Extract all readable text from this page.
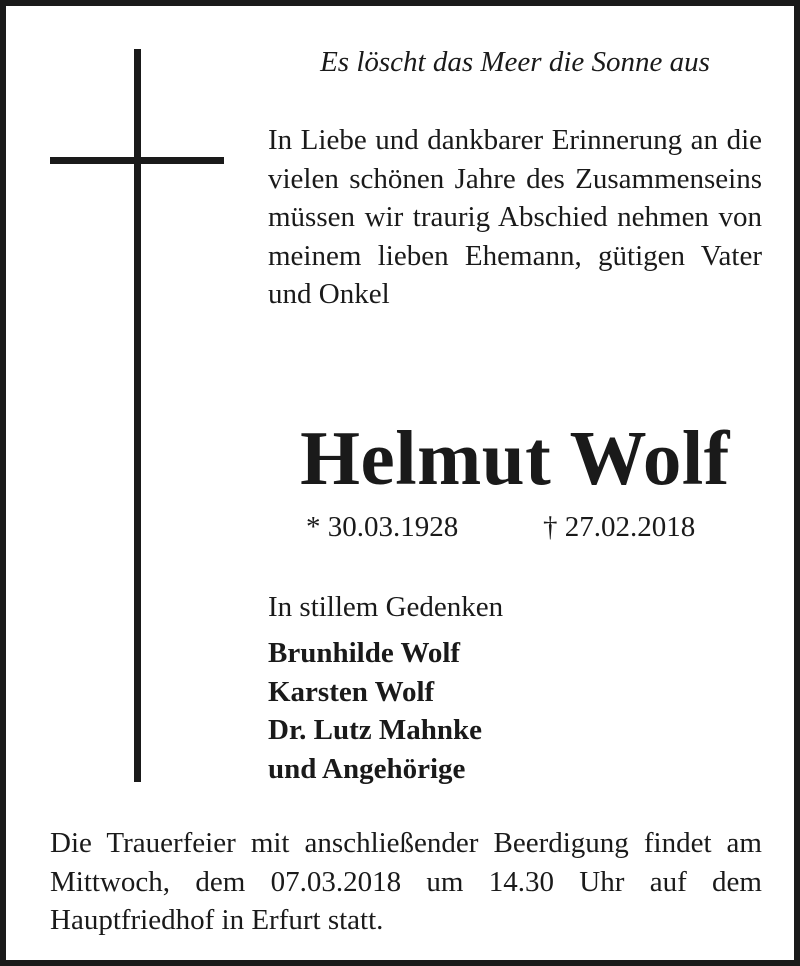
Es löscht das Meer die Sonne aus
In Liebe und dankbarer Erinnerung an die vielen schönen Jahre des Zusammenseins müssen wir traurig Abschied nehmen von meinem lieben Ehemann, gütigen Vater und Onkel
Helmut Wolf
* 30.03.1928	† 27.02.2018
In stillem Gedenken
Brunhilde Wolf
Karsten Wolf
Dr. Lutz Mahnke
und Angehörige
Die Trauerfeier mit anschließender Beerdigung findet am Mittwoch, dem 07.03.2018 um 14.30 Uhr auf dem Hauptfriedhof in Erfurt statt.
